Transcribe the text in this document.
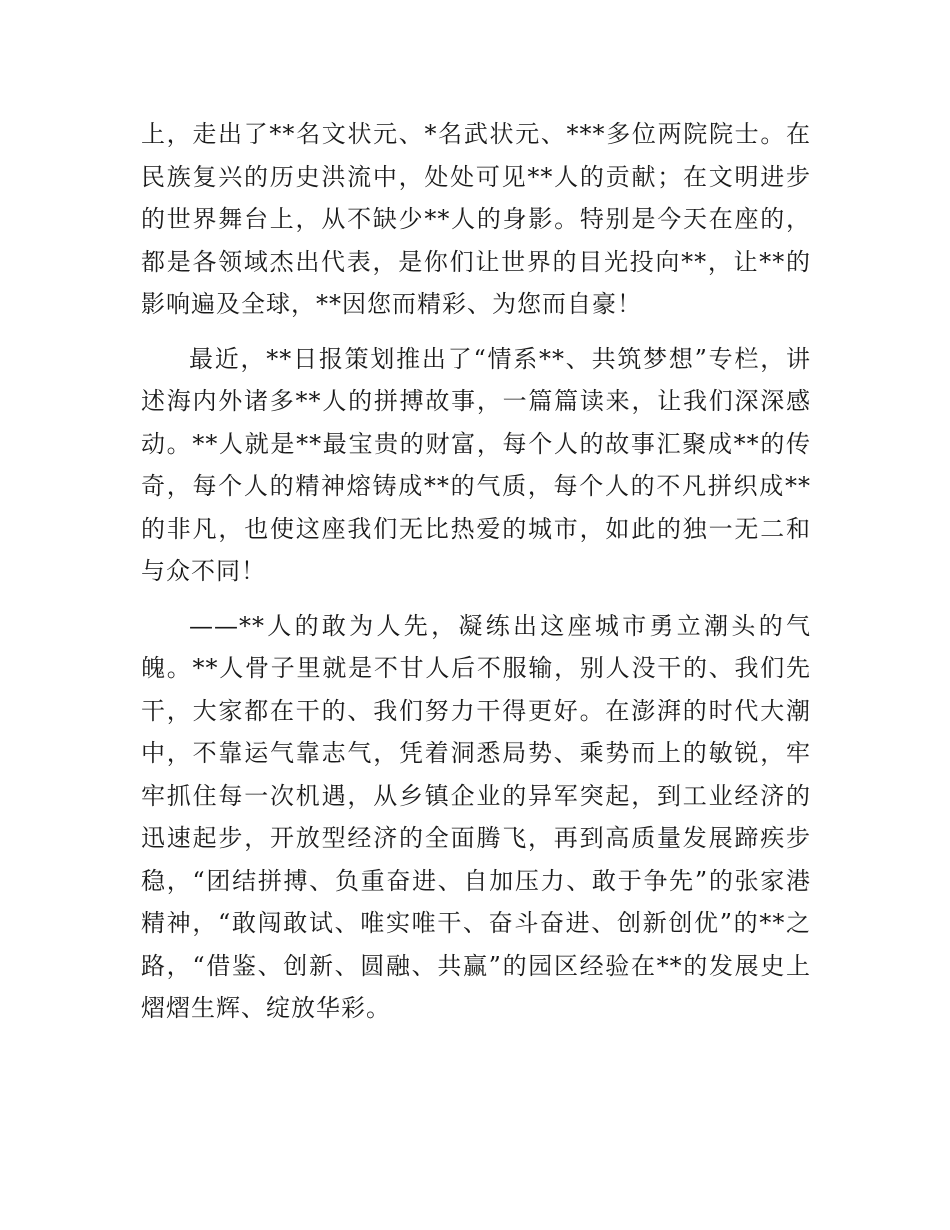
上，走出了**名文状元、*名武状元、***多位两院院士。在民族复兴的历史洪流中，处处可见**人的贡献；在文明进步的世界舞台上，从不缺少**人的身影。特别是今天在座的，都是各领域杰出代表，是你们让世界的目光投向**，让**的影响遍及全球，**因您而精彩、为您而自豪！

最近，**日报策划推出了“情系**、共筑梦想”专栏，讲述海内外诸多**人的拼搏故事，一篇篇读来，让我们深深感动。**人就是**最宝贵的财富，每个人的故事汇聚成**的传奇，每个人的精神熔铸成**的气质，每个人的不凡拼织成**的非凡，也使这座我们无比热爱的城市，如此的独一无二和与众不同！

——**人的敢为人先，凝练出这座城市勇立潮头的气魄。**人骨子里就是不甘人后不服输，别人没干的、我们先干，大家都在干的、我们努力干得更好。在澎湃的时代大潮中，不靠运气靠志气，凭着洞悉局势、乘势而上的敏锐，牢牢抓住每一次机遇，从乡镇企业的异军突起，到工业经济的迅速起步，开放型经济的全面腾飞，再到高质量发展蹄疾步稳，“团结拼搏、负重奋进、自加压力、敢于争先”的张家港精神，“敢闯敢试、唯实唯干、奋斗奋进、创新创优”的**之路，“借鉴、创新、圆融、共赢”的园区经验在**的发展史上熠熠生辉、绽放华彩。
